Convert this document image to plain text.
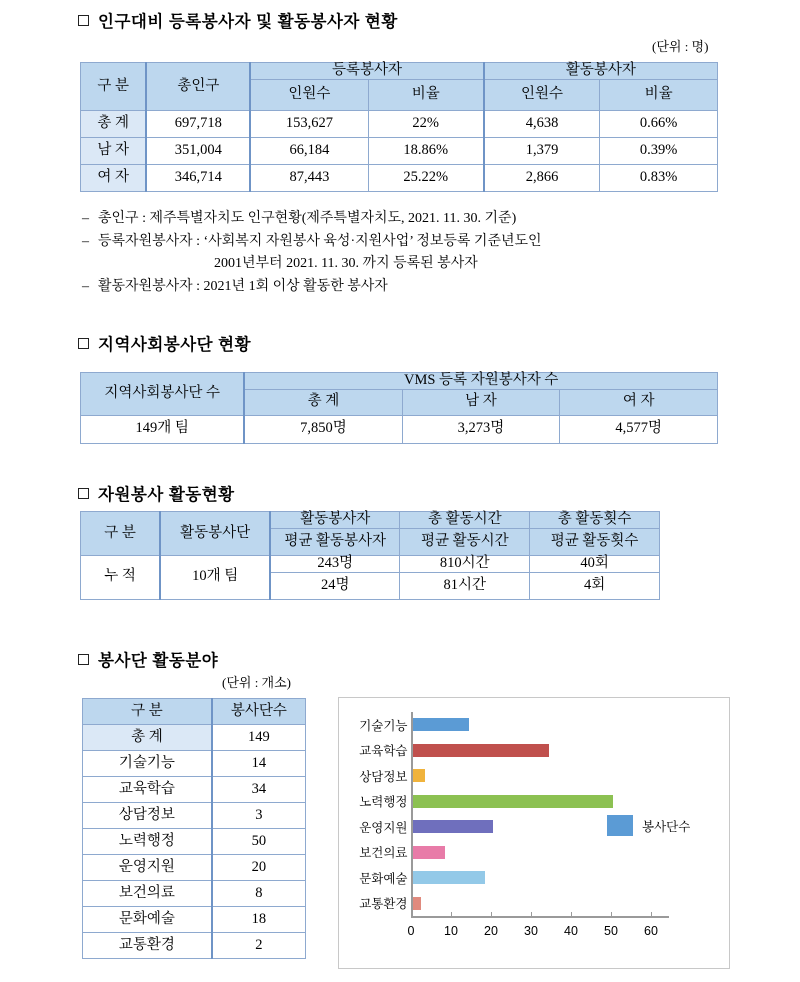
인구대비 등록봉사자 및 활동봉사자 현황
(단위 : 명)
구 분	총인구	등록봉사자		활동봉사자	
		인원수	비율	인원수	비율
총 계	697,718	153,627	22%	4,638	0.66%
남 자	351,004	66,184	18.86%	1,379	0.39%
여 자	346,714	87,443	25.22%	2,866	0.83%
– 총인구 : 제주특별자치도 인구현황(제주특별자치도, 2021. 11. 30. 기준)
– 등록자원봉사자 : ‘사회복지 자원봉사 육성·지원사업’ 정보등록 기준년도인
2001년부터 2021. 11. 30. 까지 등록된 봉사자
– 활동자원봉사자 : 2021년 1회 이상 활동한 봉사자
지역사회봉사단 현황
지역사회봉사단 수	VMS 등록 자원봉사자 수		
	총 계	남 자	여 자
149개 팀	7,850명	3,273명	4,577명
자원봉사 활동현황
구 분	활동봉사단	활동봉사자	총 활동시간	총 활동횟수
		평균 활동봉사자	평균 활동시간	평균 활동횟수
누 적	10개 팀	243명	810시간	40회
		24명	81시간	4회
봉사단 활동분야
(단위 : 개소)
구 분	봉사단수
총 계	149
기술기능	14
교육학습	34
상담정보	3
노력행정	50
운영지원	20
보건의료	8
문화예술	18
교통환경	2
기술기능
교육학습
상담정보
노력행정
운영지원
보건의료
문화예술
교통환경
0 10 20 30 40 50 60
봉사단수
